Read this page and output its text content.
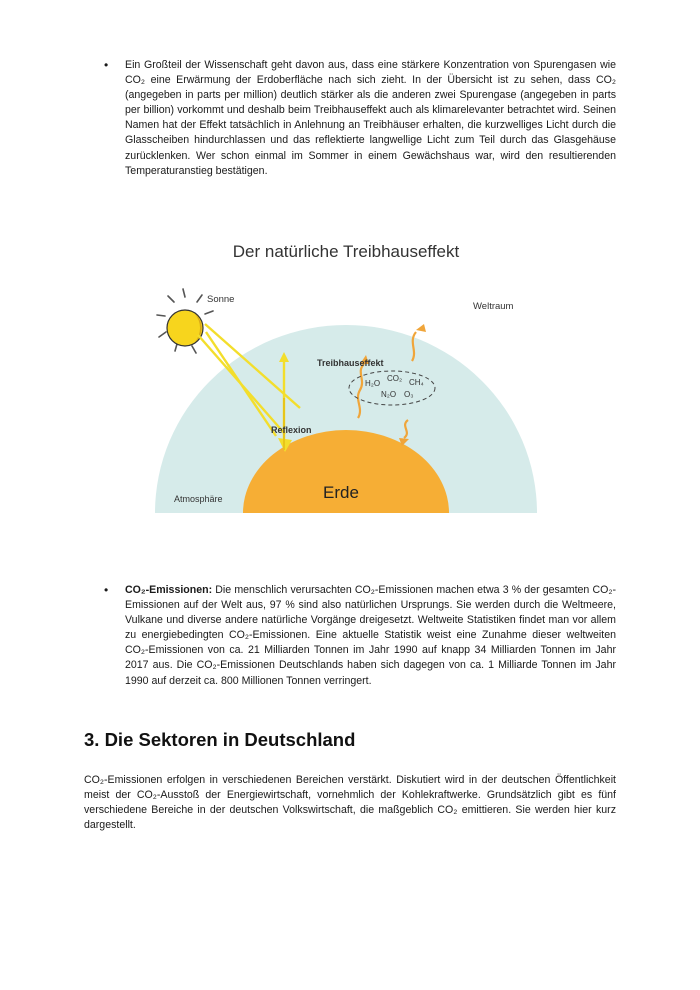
• Ein Großteil der Wissenschaft geht davon aus, dass eine stärkere Konzentration von Spurengasen wie CO₂ eine Erwärmung der Erdoberfläche nach sich zieht. In der Übersicht ist zu sehen, dass CO₂ (angegeben in parts per million) deutlich stärker als die anderen zwei Spurengase (angegeben in parts per billion) vorkommt und deshalb beim Treibhauseffekt auch als klimarelevanter betrachtet wird. Seinen Namen hat der Effekt tatsächlich in Anlehnung an Treibhäuser erhalten, die kurzwelliges Licht durch die Glasscheiben hindurchlassen und das reflektierte langwellige Licht zum Teil durch das Glasgehäuse zurücklenken. Wer schon einmal im Sommer in einem Gewächshaus war, wird den resultierenden Temperaturanstieg bestätigen.
Der natürliche Treibhauseffekt
Sonne
Weltraum
Treibhauseffekt
H₂O
CO₂ CH₄
N₂O O₃
Reflexion
Erde
Atmosphäre
• CO₂-Emissionen: Die menschlich verursachten CO₂-Emissionen machen etwa 3 % der gesamten CO₂-Emissionen auf der Welt aus, 97 % sind also natürlichen Ursprungs. Sie werden durch die Weltmeere, Vulkane und diverse andere natürliche Vorgänge dreigesetzt. Weltweite Statistiken findet man vor allem zu energiebedingten CO₂-Emissionen. Eine aktuelle Statistik weist eine Zunahme dieser weltweiten CO₂-Emissionen von ca. 21 Milliarden Tonnen im Jahr 1990 auf knapp 34 Milliarden Tonnen im Jahr 2017 aus. Die CO₂-Emissionen Deutschlands haben sich dagegen von ca. 1 Milliarde Tonnen im Jahr 1990 auf derzeit ca. 800 Millionen Tonnen verringert.
3. Die Sektoren in Deutschland
CO₂-Emissionen erfolgen in verschiedenen Bereichen verstärkt. Diskutiert wird in der deutschen Öffentlichkeit meist der CO₂-Ausstoß der Energiewirtschaft, vornehmlich der Kohlekraftwerke. Grundsätzlich gibt es fünf verschiedene Bereiche in der deutschen Volkswirtschaft, die maßgeblich CO₂ emittieren. Sie werden hier kurz dargestellt.
